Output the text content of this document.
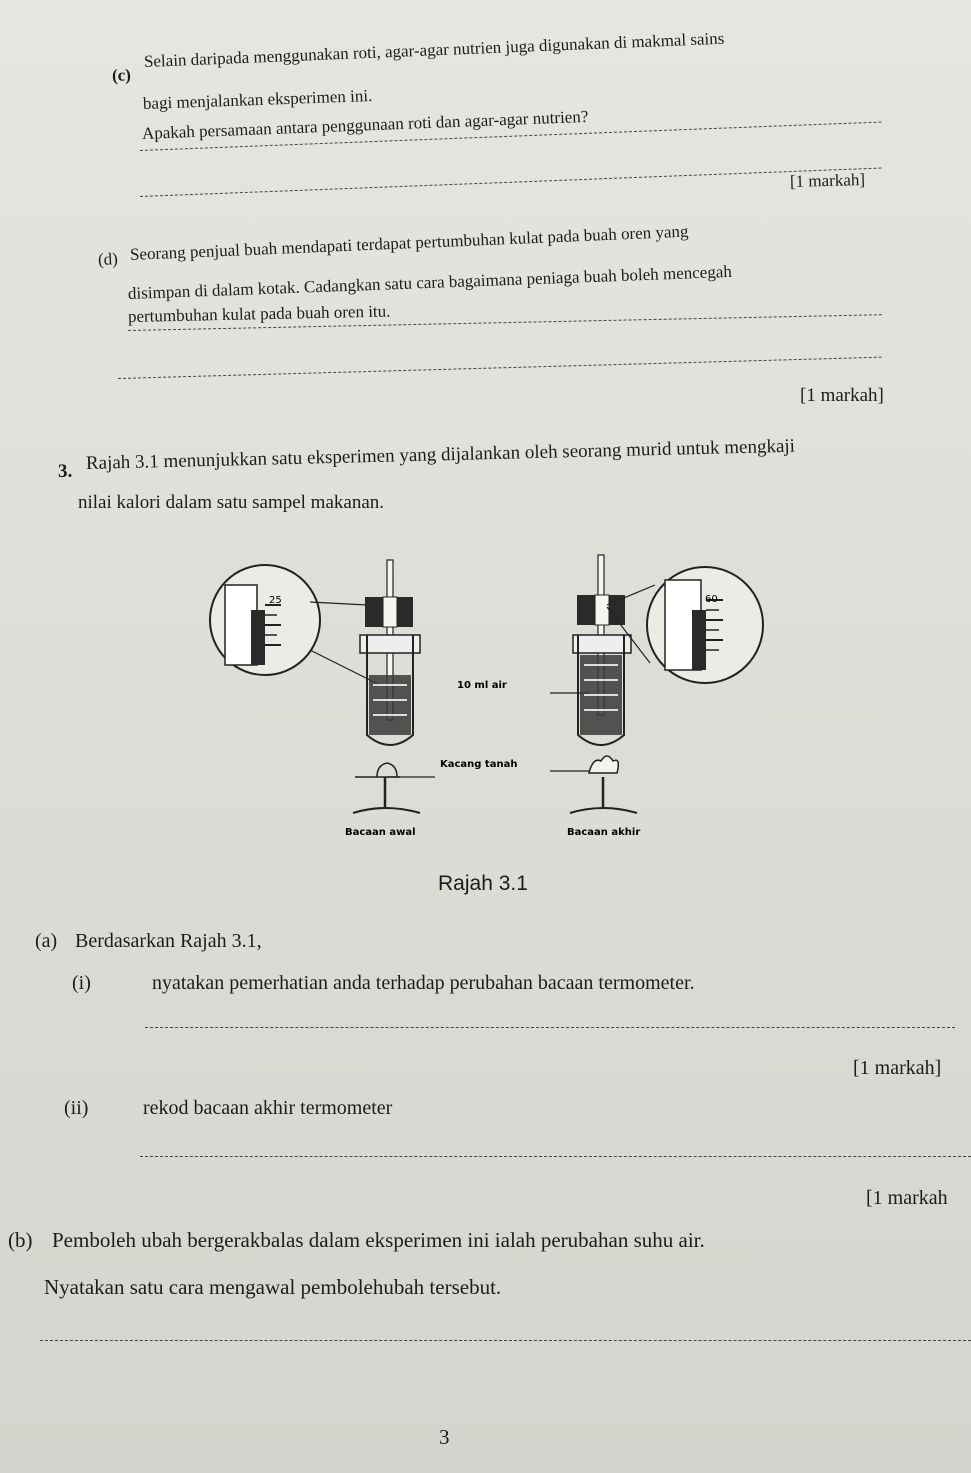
(c)
Selain daripada menggunakan roti, agar-agar nutrien juga digunakan di makmal sains
bagi menjalankan eksperimen ini.
Apakah persamaan antara penggunaan roti dan agar-agar nutrien?
[1 markah]
(d) Seorang penjual buah mendapati terdapat pertumbuhan kulat pada buah oren yang
disimpan di dalam kotak. Cadangkan satu cara bagaimana peniaga buah boleh mencegah
pertumbuhan kulat pada buah oren itu.
[1 markah]
3. Rajah 3.1 menunjukkan satu eksperimen yang dijalankan oleh seorang murid untuk mengkaji
nilai kalori dalam satu sampel makanan.
25
Bacaan awal
10 ml air
Kacang tanah
60
Bacaan akhir
Rajah 3.1
(a) Berdasarkan Rajah 3.1,
(i)	nyatakan pemerhatian anda terhadap perubahan bacaan termometer.
[1 markah]
(ii)	rekod bacaan akhir termometer
[1 markah
(b) Pemboleh ubah bergerakbalas dalam eksperimen ini ialah perubahan suhu air.
Nyatakan satu cara mengawal pembolehubah tersebut.
3
